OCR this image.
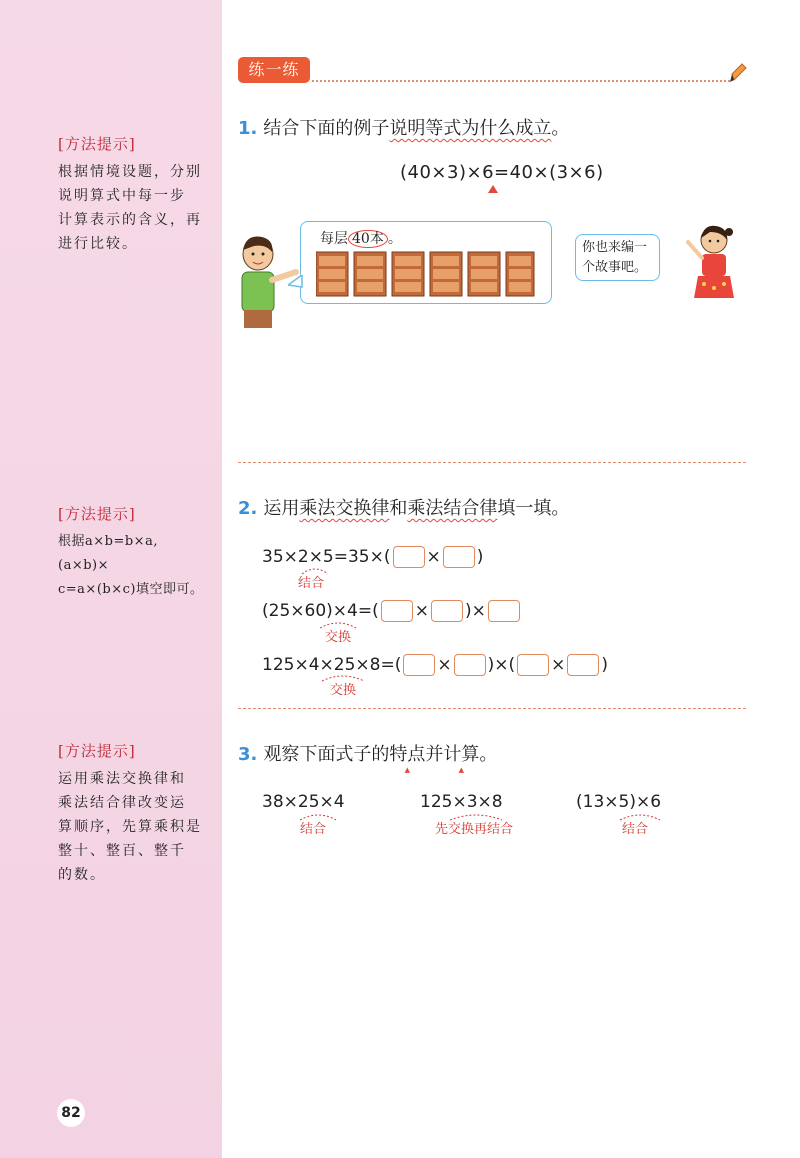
[方法提示]
根据情境设题，分别
说明算式中每一步
计算表示的含义，再
进行比较。
[方法提示]
根据a×b=b×a,(a×b)×
c=a×(b×c)填空即可。
[方法提示]
运用乘法交换律和
乘法结合律改变运
算顺序，先算乘积是
整十、整百、整千
的数。
82
练一练
1. 结合下面的例子说明等式为什么成立。
(40×3)×6=40×(3×6)
每层 40本 。
你也来编一
个故事吧。
2. 运用乘法交换律和乘法结合律填一填。
35×2×5=35×( × )
结合
(25×60)×4=( × )×
交换
125×4×25×8=( × )×( × )
交换
3. 观察下面式子的特点 ▲并计算 ▲。
38×25×4
结合
125×3×8
先交换再结合
(13×5)×6
结合
